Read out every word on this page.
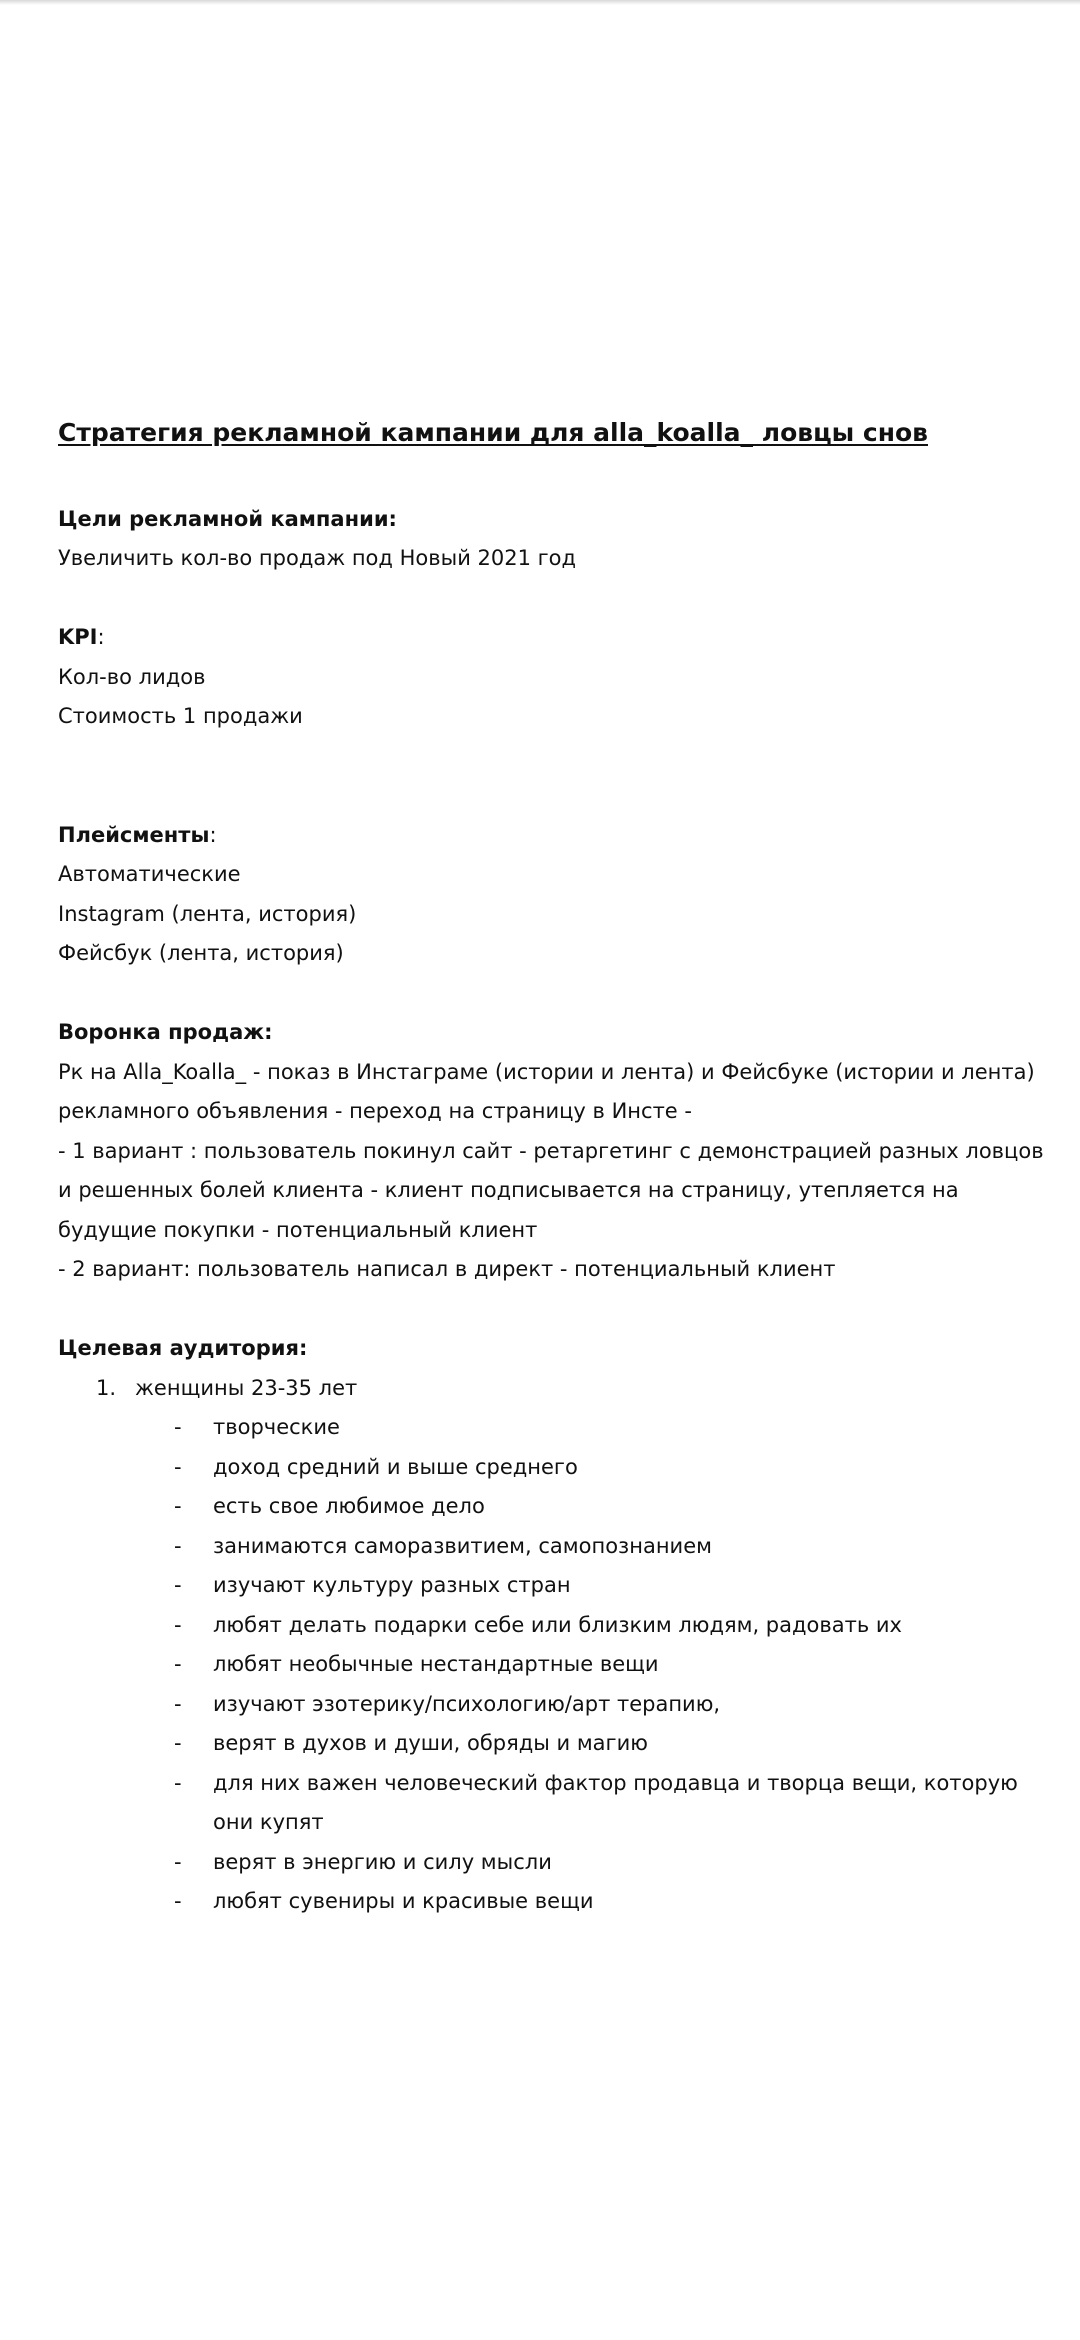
Стратегия рекламной кампании для alla_koalla_ ловцы снов

Цели рекламной кампании:

Увеличить кол-во продаж под Новый 2021 год

KPI:

Кол-во лидов

Стоимость 1 продажи

Плейсменты:

Автоматические

Instagram (лента, история)

Фейсбук (лента, история)

Воронка продаж:

Рк на Alla_Koalla_ - показ в Инстаграме (истории и лента) и Фейсбуке (истории и лента) рекламного объявления - переход на страницу в Инсте -

- 1 вариант : пользователь покинул сайт - ретаргетинг с демонстрацией разных ловцов и решенных болей клиента - клиент подписывается на страницу, утепляется на будущие покупки - потенциальный клиент

- 2 вариант: пользователь написал в директ - потенциальный клиент

Целевая аудитория:

1. женщины 23-35 лет

- творческие

- доход средний и выше среднего

- есть свое любимое дело

- занимаются саморазвитием, самопознанием

- изучают культуру разных стран

- любят делать подарки себе или близким людям, радовать их

- любят необычные нестандартные вещи

- изучают эзотерику/психологию/арт терапию,

- верят в духов и души, обряды и магию

- для них важен человеческий фактор продавца и творца вещи, которую они купят

- верят в энергию и силу мысли

- любят сувениры и красивые вещи
